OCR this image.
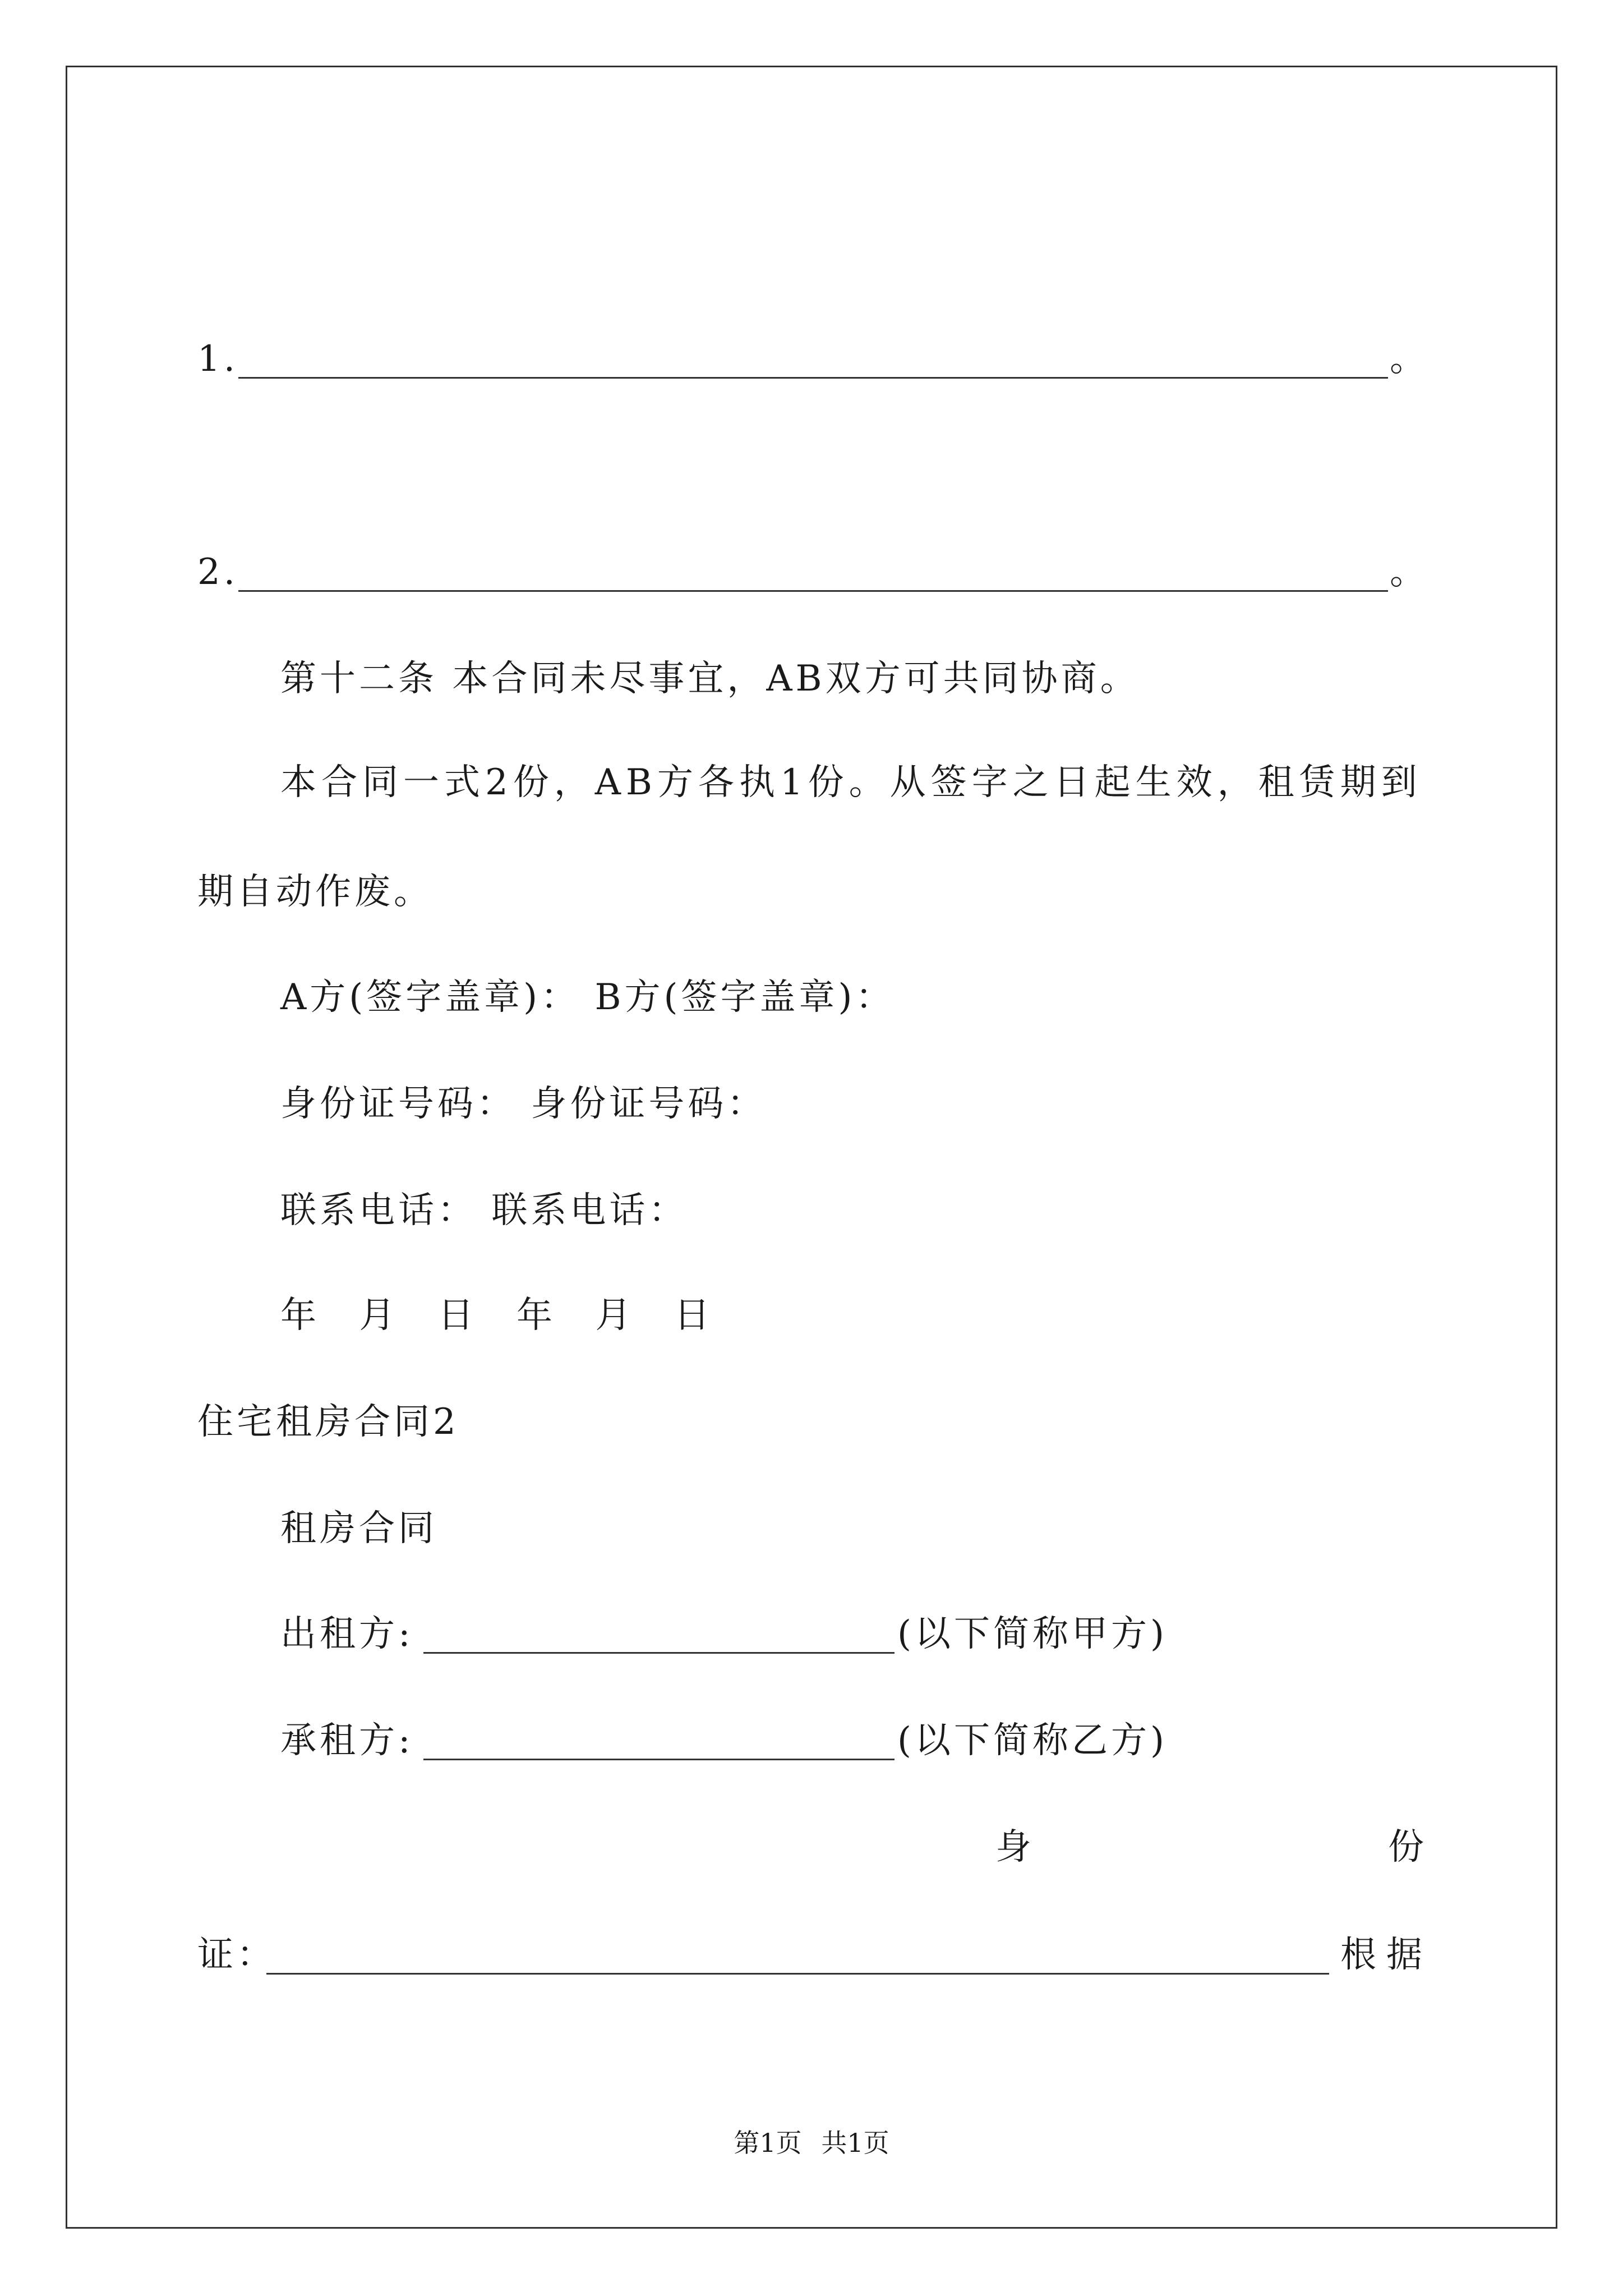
1.	。
2.	。
第十二条 本合同未尽事宜，AB双方可共同协商。
本合同一式2份，AB方各执1份。从签字之日起生效，租赁期到
期自动作废。
A方(签字盖章)： B方(签字盖章)：
身份证号码： 身份证号码：
联系电话： 联系电话：
年 月 日 年 月 日
住宅租房合同2
租房合同
出租方:	(以下简称甲方)
承租方:	(以下简称乙方)
身	份
证：	根据
第1页 共1页
